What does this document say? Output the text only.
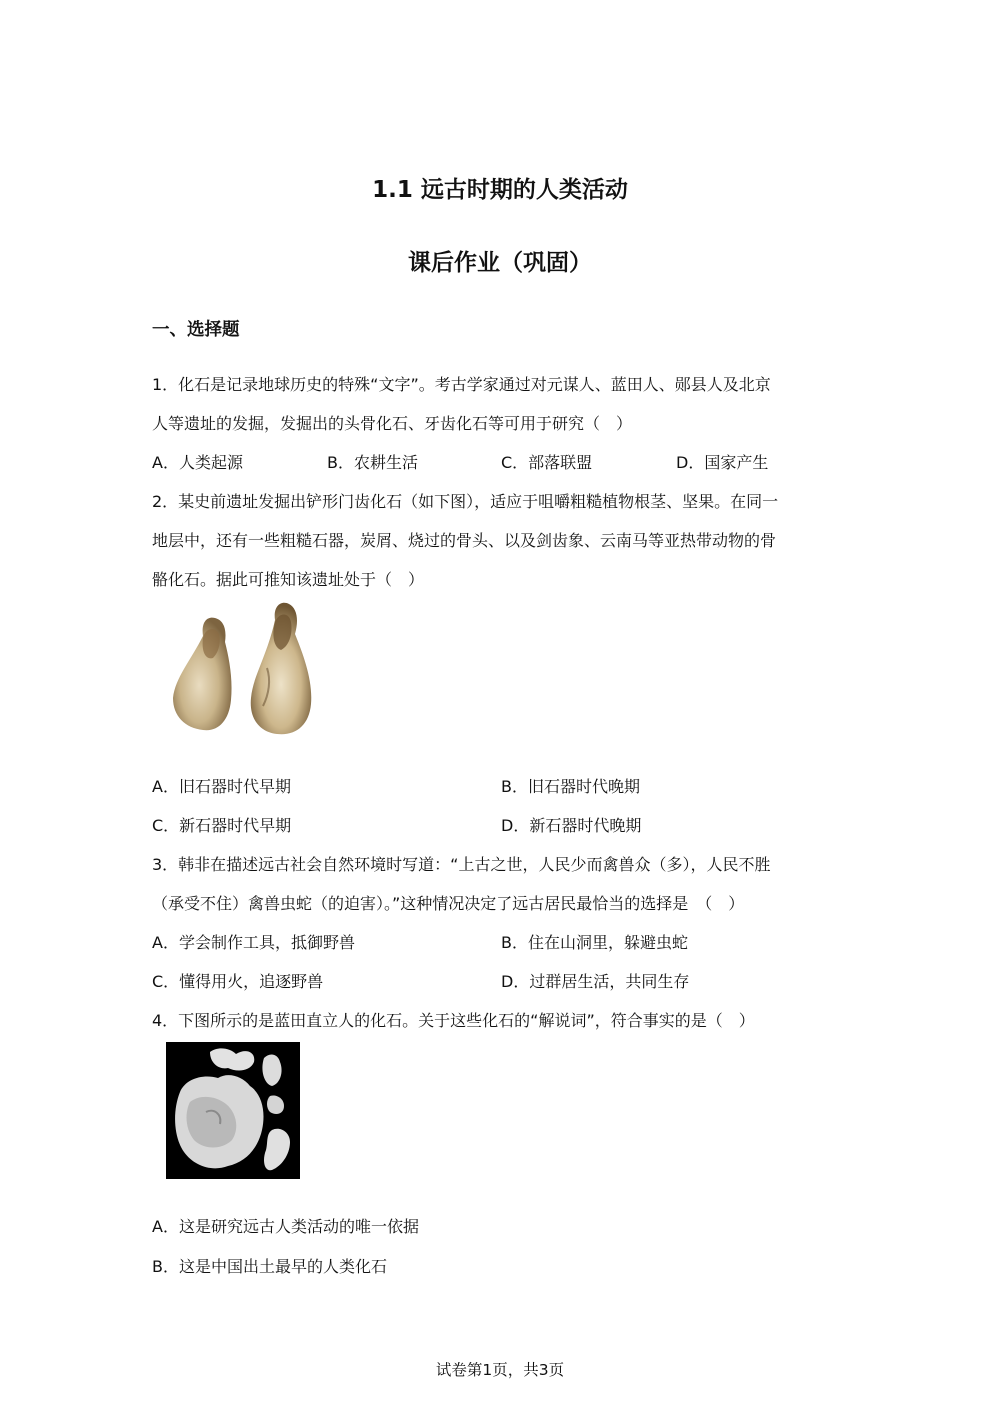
1.1 远古时期的人类活动
课后作业（巩固）
一、选择题
1．化石是记录地球历史的特殊“文字”。考古学家通过对元谋人、蓝田人、郧县人及北京
人等遗址的发掘，发掘出的头骨化石、牙齿化石等可用于研究（　）
A．人类起源	B．农耕生活	C．部落联盟	D．国家产生
2．某史前遗址发掘出铲形门齿化石（如下图），适应于咀嚼粗糙植物根茎、坚果。在同一
地层中，还有一些粗糙石器，炭屑、烧过的骨头、以及剑齿象、云南马等亚热带动物的骨
骼化石。据此可推知该遗址处于（　）
A．旧石器时代早期	B．旧石器时代晚期
C．新石器时代早期	D．新石器时代晚期
3．韩非在描述远古社会自然环境时写道：“上古之世，人民少而禽兽众（多），人民不胜
（承受不住）禽兽虫蛇（的迫害）。”这种情况决定了远古居民最恰当的选择是　（　）
A．学会制作工具，抵御野兽	B．住在山洞里，躲避虫蛇
C．懂得用火，追逐野兽	D．过群居生活，共同生存
4．下图所示的是蓝田直立人的化石。关于这些化石的“解说词”，符合事实的是（　）
A．这是研究远古人类活动的唯一依据
B．这是中国出土最早的人类化石
试卷第1页，共3页
